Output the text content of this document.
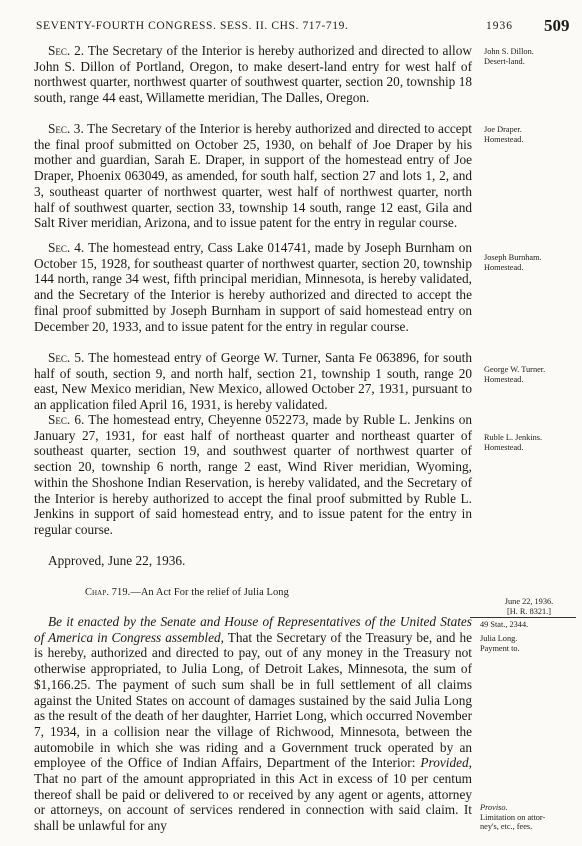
SEVENTY-FOURTH CONGRESS. SESS. II. CHS. 717-719.	1936 509

Sec. 2. The Secretary of the Interior is hereby authorized and directed to allow John S. Dillon of Portland, Oregon, to make desert-land entry for west half of northwest quarter, northwest quarter of southwest quarter, section 20, township 18 south, range 44 east, Willamette meridian, The Dalles, Oregon.

John S. Dillon.
Desert-land.

Sec. 3. The Secretary of the Interior is hereby authorized and directed to accept the final proof submitted on October 25, 1930, on behalf of Joe Draper by his mother and guardian, Sarah E. Draper, in support of the homestead entry of Joe Draper, Phoenix 063049, as amended, for south half, section 27 and lots 1, 2, and 3, southeast quarter of northwest quarter, west half of northwest quarter, north half of southwest quarter, section 33, township 14 south, range 12 east, Gila and Salt River meridian, Arizona, and to issue patent for the entry in regular course.

Joe Draper.
Homestead.

Sec. 4. The homestead entry, Cass Lake 014741, made by Joseph Burnham on October 15, 1928, for southeast quarter of northwest quarter, section 20, township 144 north, range 34 west, fifth principal meridian, Minnesota, is hereby validated, and the Secretary of the Interior is hereby authorized and directed to accept the final proof submitted by Joseph Burnham in support of said homestead entry on December 20, 1933, and to issue patent for the entry in regular course.

Joseph Burnham.
Homestead.

Sec. 5. The homestead entry of George W. Turner, Santa Fe 063896, for south half of south, section 9, and north half, section 21, township 1 south, range 20 east, New Mexico meridian, New Mexico, allowed October 27, 1931, pursuant to an application filed April 16, 1931, is hereby validated.

George W. Turner.
Homestead.

Sec. 6. The homestead entry, Cheyenne 052273, made by Ruble L. Jenkins on January 27, 1931, for east half of northeast quarter and northeast quarter of southeast quarter, section 19, and southwest quarter of northwest quarter of section 20, township 6 north, range 2 east, Wind River meridian, Wyoming, within the Shoshone Indian Reservation, is hereby validated, and the Secretary of the Interior is hereby authorized to accept the final proof submitted by Ruble L. Jenkins in support of said homestead entry, and to issue patent for the entry in regular course.

Ruble L. Jenkins.
Homestead.
Approved, June 22, 1936.
Chap. 719.—An Act For the relief of Julia Long
June 22, 1936.
[H. R. 8321.]
49 Stat., 2344.
Julia Long.
Payment to.
Proviso.
Limitation on attor-
ney's, etc., fees.

Be it enacted by the Senate and House of Representatives of the United States of America in Congress assembled, That the Secretary of the Treasury be, and he is hereby, authorized and directed to pay, out of any money in the Treasury not otherwise appropriated, to Julia Long, of Detroit Lakes, Minnesota, the sum of $1,166.25. The payment of such sum shall be in full settlement of all claims against the United States on account of damages sustained by the said Julia Long as the result of the death of her daughter, Harriet Long, which occurred November 7, 1934, in a collision near the village of Richwood, Minnesota, between the automobile in which she was riding and a Government truck operated by an employee of the Office of Indian Affairs, Department of the Interior: Provided, That no part of the amount appropriated in this Act in excess of 10 per centum thereof shall be paid or delivered to or received by any agent or agents, attorney or attorneys, on account of services rendered in connection with said claim. It shall be unlawful for any
